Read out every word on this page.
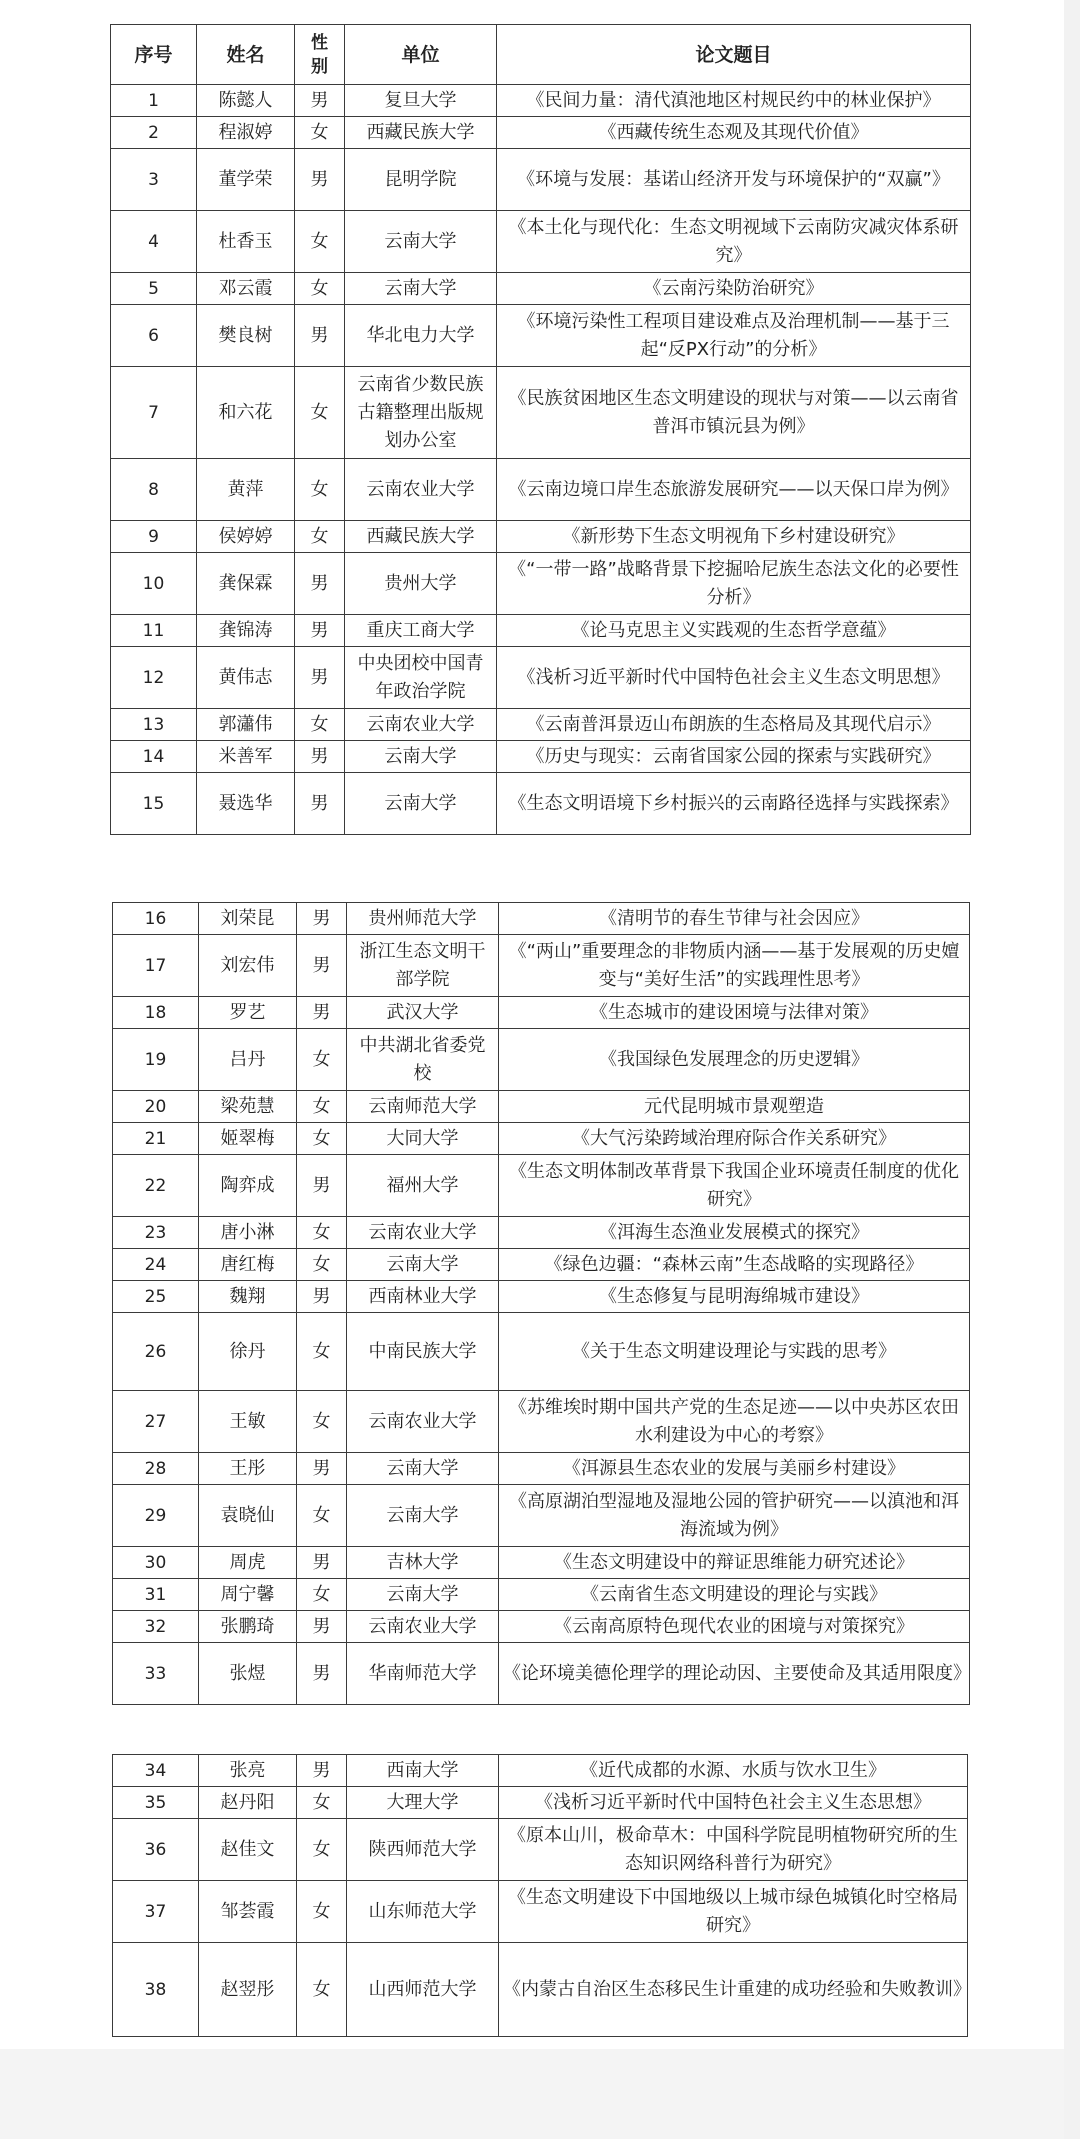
序号	姓名	性别	单位	论文题目
1	陈懿人	男	复旦大学	《民间力量：清代滇池地区村规民约中的林业保护》
2	程淑婷	女	西藏民族大学	《西藏传统生态观及其现代价值》
3	董学荣	男	昆明学院	《环境与发展：基诺山经济开发与环境保护的“双赢”》
4	杜香玉	女	云南大学	《本土化与现代化：生态文明视域下云南防灾减灾体系研究》
5	邓云霞	女	云南大学	《云南污染防治研究》
6	樊良树	男	华北电力大学	《环境污染性工程项目建设难点及治理机制——基于三起“反PX行动”的分析》
7	和六花	女	云南省少数民族古籍整理出版规划办公室	《民族贫困地区生态文明建设的现状与对策——以云南省普洱市镇沅县为例》
8	黄萍	女	云南农业大学	《云南边境口岸生态旅游发展研究——以天保口岸为例》
9	侯婷婷	女	西藏民族大学	《新形势下生态文明视角下乡村建设研究》
10	龚保霖	男	贵州大学	《“一带一路”战略背景下挖掘哈尼族生态法文化的必要性分析》
11	龚锦涛	男	重庆工商大学	《论马克思主义实践观的生态哲学意蕴》
12	黄伟志	男	中央团校中国青年政治学院	《浅析习近平新时代中国特色社会主义生态文明思想》
13	郭瀟伟	女	云南农业大学	《云南普洱景迈山布朗族的生态格局及其现代启示》
14	米善军	男	云南大学	《历史与现实：云南省国家公园的探索与实践研究》
15	聂选华	男	云南大学	《生态文明语境下乡村振兴的云南路径选择与实践探索》
16	刘荣昆	男	贵州师范大学	《清明节的春生节律与社会因应》
17	刘宏伟	男	浙江生态文明干部学院	《“两山”重要理念的非物质内涵——基于发展观的历史嬗变与“美好生活”的实践理性思考》
18	罗艺	男	武汉大学	《生态城市的建设困境与法律对策》
19	吕丹	女	中共湖北省委党校	《我国绿色发展理念的历史逻辑》
20	梁苑慧	女	云南师范大学	元代昆明城市景观塑造
21	姬翠梅	女	大同大学	《大气污染跨域治理府际合作关系研究》
22	陶弈成	男	福州大学	《生态文明体制改革背景下我国企业环境责任制度的优化研究》
23	唐小淋	女	云南农业大学	《洱海生态渔业发展模式的探究》
24	唐红梅	女	云南大学	《绿色边疆：“森林云南”生态战略的实现路径》
25	魏翔	男	西南林业大学	《生态修复与昆明海绵城市建设》
26	徐丹	女	中南民族大学	《关于生态文明建设理论与实践的思考》
27	王敏	女	云南农业大学	《苏维埃时期中国共产党的生态足迹——以中央苏区农田水利建设为中心的考察》
28	王彤	男	云南大学	《洱源县生态农业的发展与美丽乡村建设》
29	袁晓仙	女	云南大学	《高原湖泊型湿地及湿地公园的管护研究——以滇池和洱海流域为例》
30	周虎	男	吉林大学	《生态文明建设中的辩证思维能力研究述论》
31	周宁馨	女	云南大学	《云南省生态文明建设的理论与实践》
32	张鹏琦	男	云南农业大学	《云南高原特色现代农业的困境与对策探究》
33	张煜	男	华南师范大学	《论环境美德伦理学的理论动因、主要使命及其适用限度》
34	张亮	男	西南大学	《近代成都的水源、水质与饮水卫生》
35	赵丹阳	女	大理大学	《浅析习近平新时代中国特色社会主义生态思想》
36	赵佳文	女	陕西师范大学	《原本山川，极命草木：中国科学院昆明植物研究所的生态知识网络科普行为研究》
37	邹荟霞	女	山东师范大学	《生态文明建设下中国地级以上城市绿色城镇化时空格局研究》
38	赵翌彤	女	山西师范大学	《内蒙古自治区生态移民生计重建的成功经验和失败教训》
